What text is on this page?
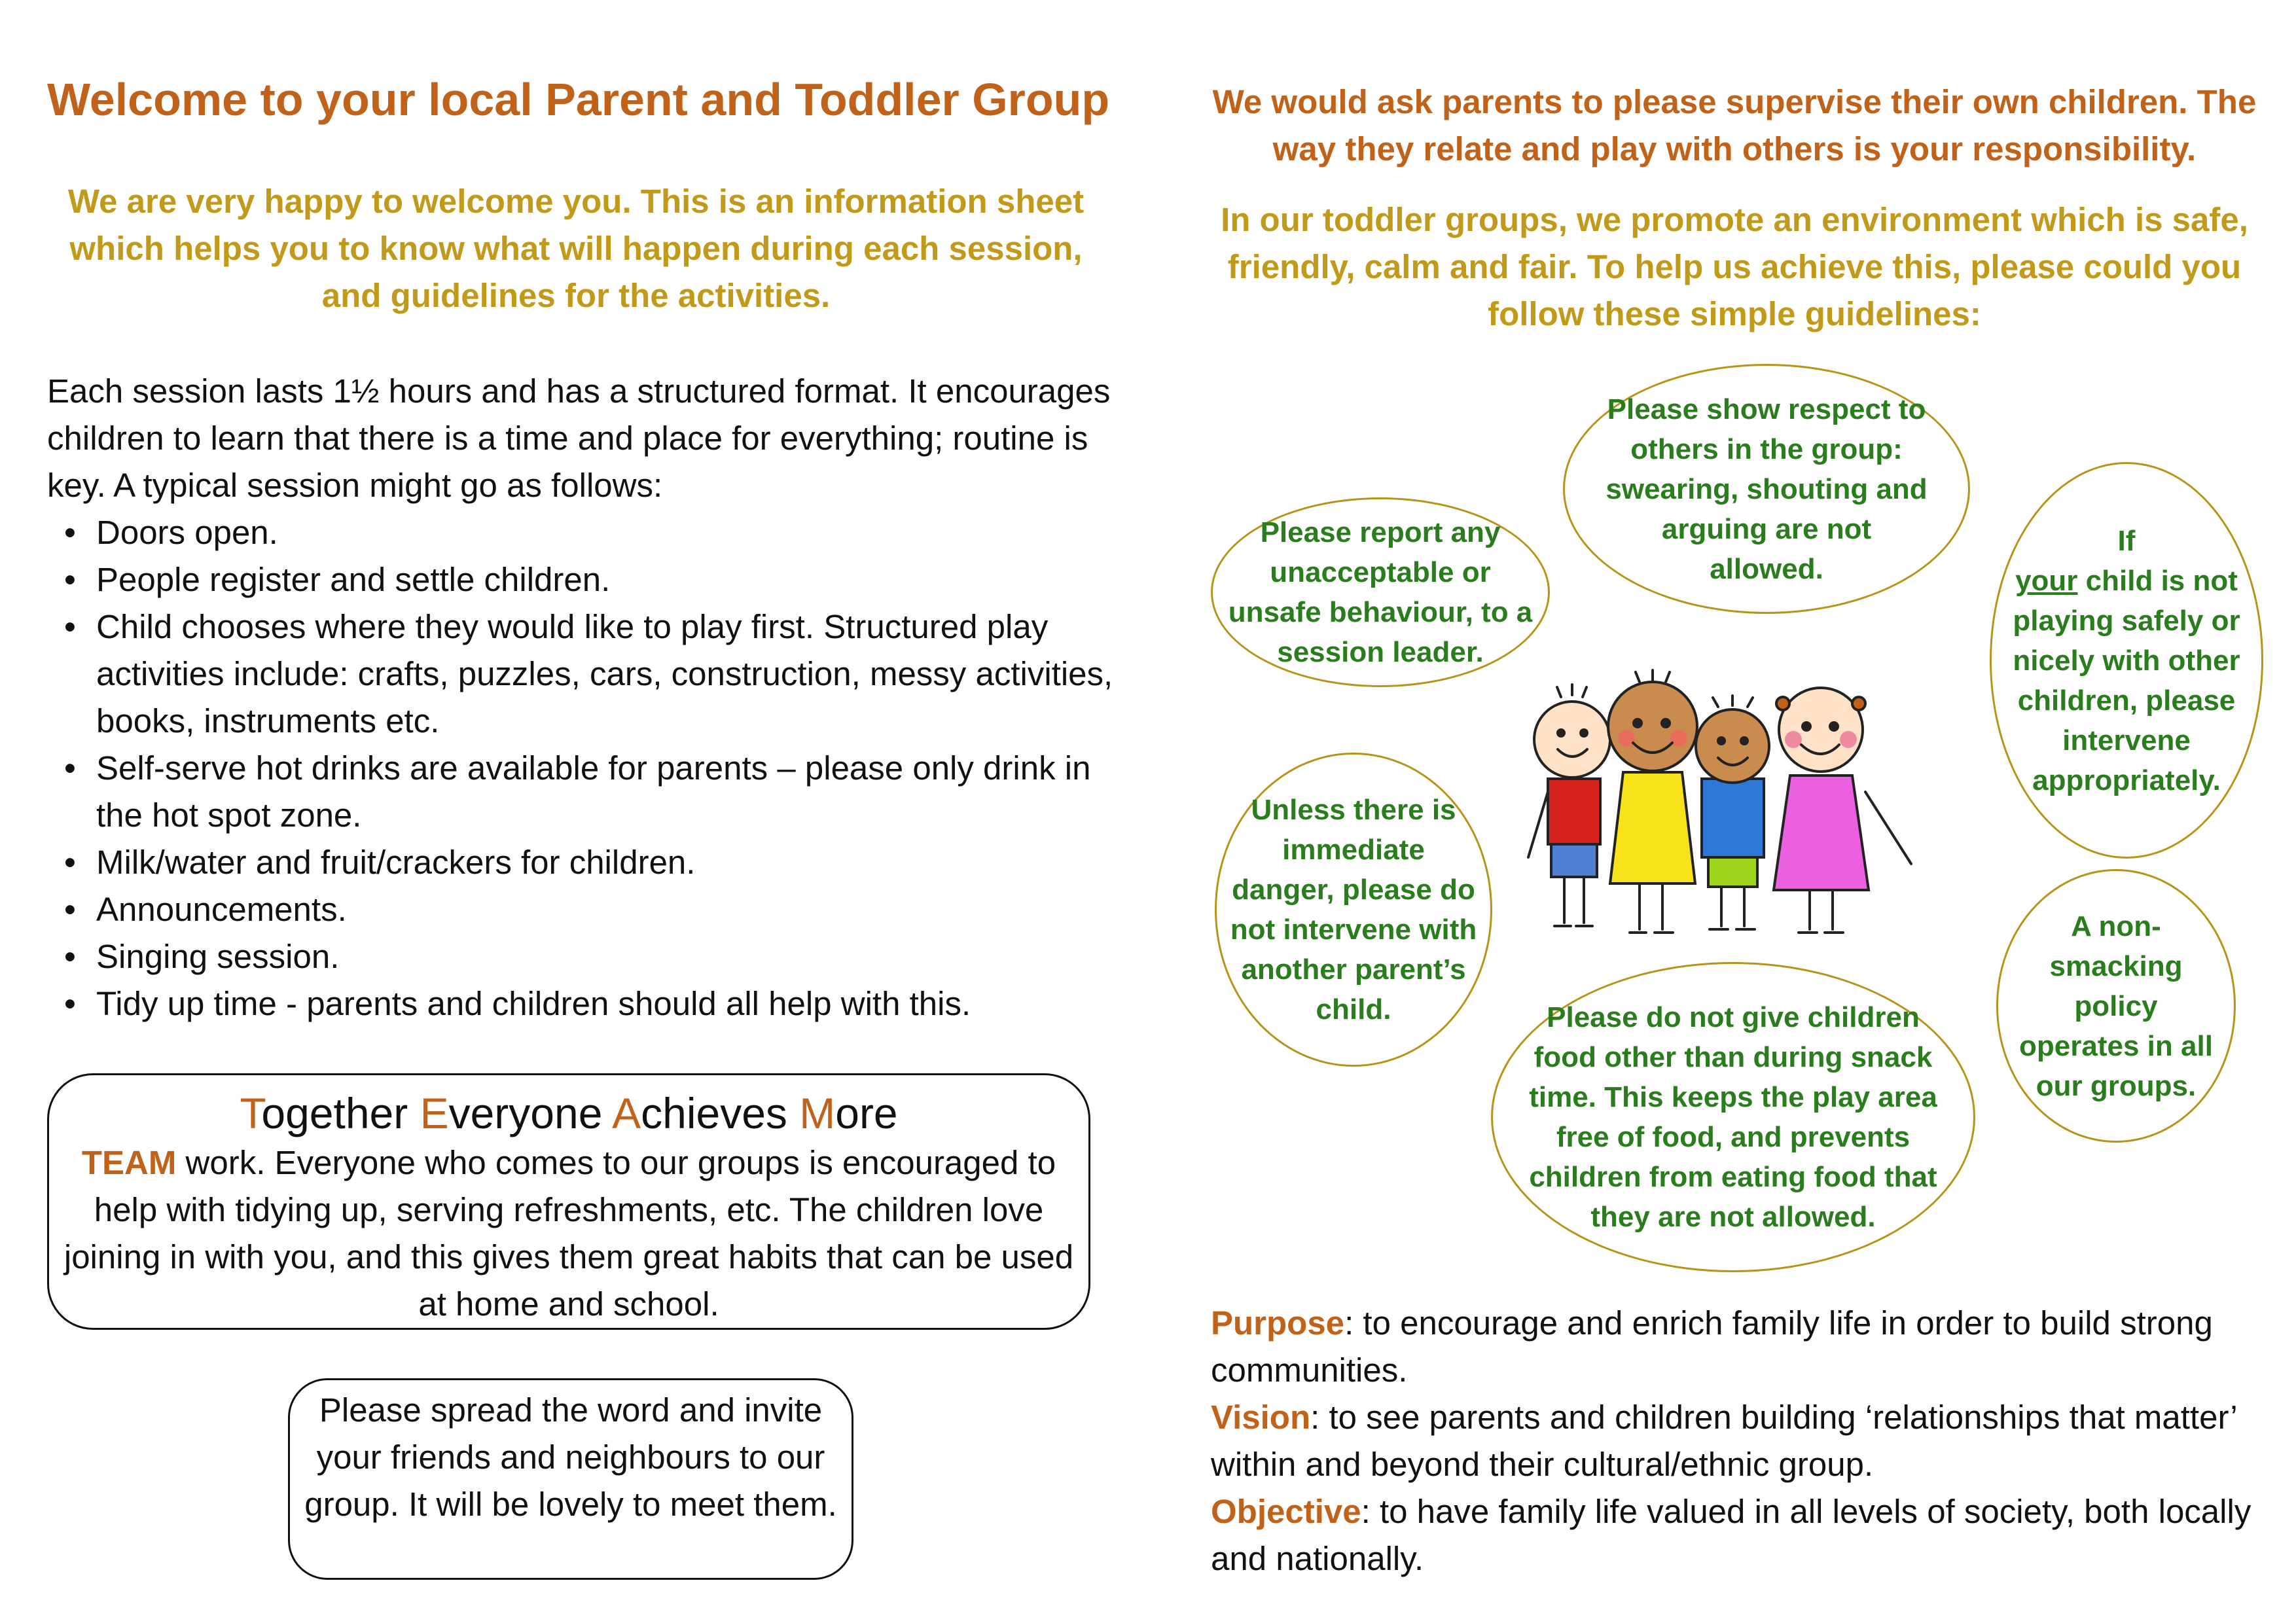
Welcome to your local Parent and Toddler Group
We are very happy to welcome you. This is an information sheet which helps you to know what will happen during each session, and guidelines for the activities.
Each session lasts 1½ hours and has a structured format. It encourages children to learn that there is a time and place for everything; routine is key. A typical session might go as follows:
• Doors open.
• People register and settle children.
• Child chooses where they would like to play first. Structured play activities include: crafts, puzzles, cars, construction, messy activities, books, instruments etc.
• Self-serve hot drinks are available for parents – please only drink in the hot spot zone.
• Milk/water and fruit/crackers for children.
• Announcements.
• Singing session.
• Tidy up time - parents and children should all help with this.
Together Everyone Achieves More
TEAM work. Everyone who comes to our groups is encouraged to help with tidying up, serving refreshments, etc. The children love joining in with you, and this gives them great habits that can be used at home and school.
Please spread the word and invite your friends and neighbours to our group. It will be lovely to meet them.
We would ask parents to please supervise their own children. The way they relate and play with others is your responsibility.
In our toddler groups, we promote an environment which is safe, friendly, calm and fair. To help us achieve this, please could you follow these simple guidelines:
Please report any unacceptable or unsafe behaviour, to a session leader.
Please show respect to others in the group: swearing, shouting and arguing are not allowed.
If
your child is not playing safely or nicely with other children, please intervene appropriately.
Unless there is immediate danger, please do not intervene with another parent’s child.	Please do not give children food other than during snack time. This keeps the play area free of food, and prevents children from eating food that they are not allowed.
A non-smacking policy operates in all our groups.
Purpose: to encourage and enrich family life in order to build strong communities.
Vision: to see parents and children building ‘relationships that matter’ within and beyond their cultural/ethnic group.
Objective: to have family life valued in all levels of society, both locally and nationally.
